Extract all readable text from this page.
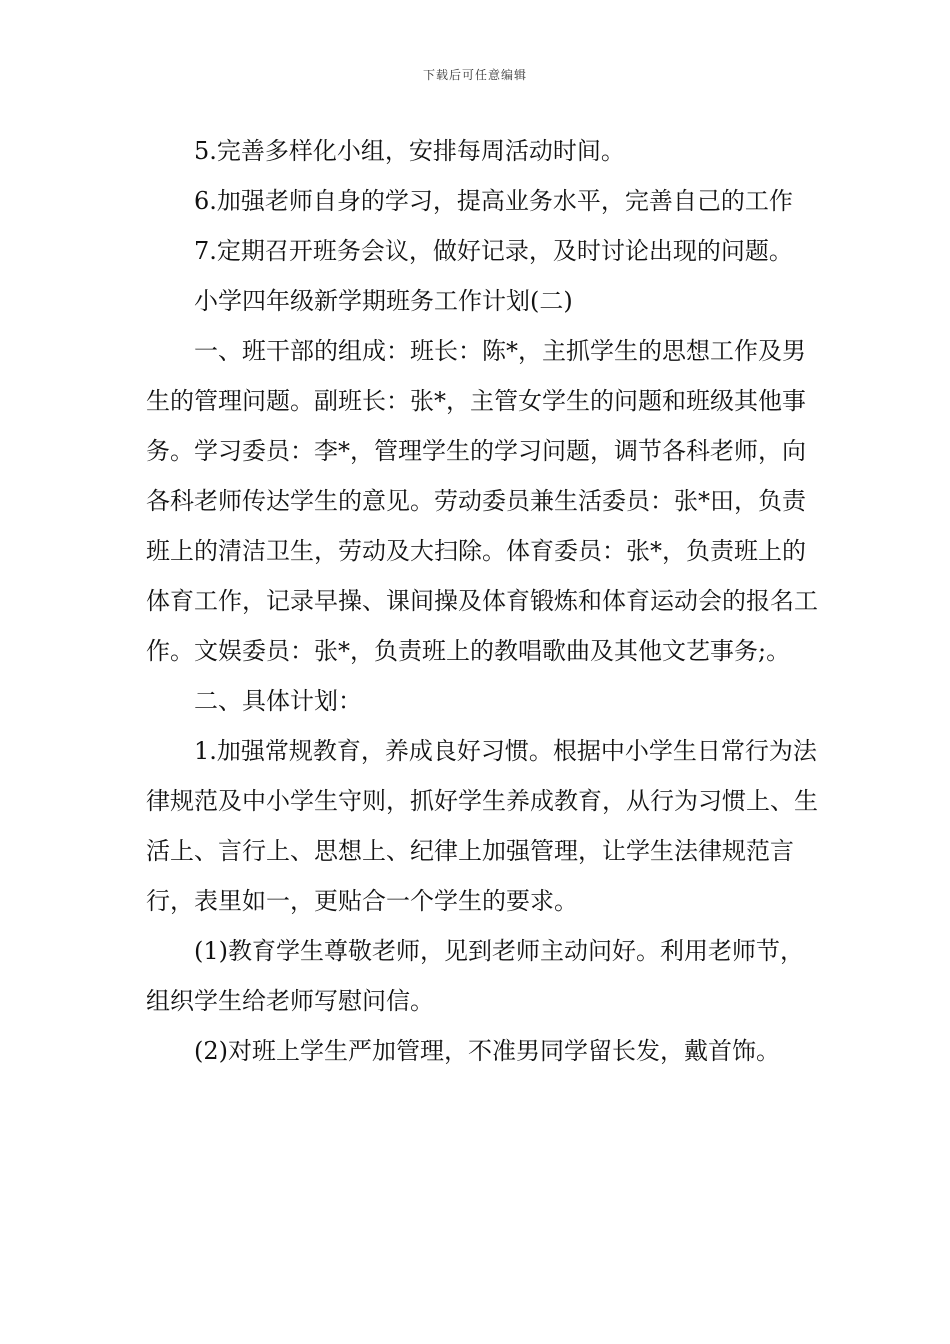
下载后可任意编辑

5.完善多样化小组，安排每周活动时间。

6.加强老师自身的学习，提高业务水平，完善自己的工作

7.定期召开班务会议，做好记录，及时讨论出现的问题。

小学四年级新学期班务工作计划(二)

一、班干部的组成：班长：陈*，主抓学生的思想工作及男生的管理问题。副班长：张*，主管女学生的问题和班级其他事务。学习委员：李*，管理学生的学习问题，调节各科老师，向各科老师传达学生的意见。劳动委员兼生活委员：张*田，负责班上的清洁卫生，劳动及大扫除。体育委员：张*，负责班上的体育工作，记录早操、课间操及体育锻炼和体育运动会的报名工作。文娱委员：张*，负责班上的教唱歌曲及其他文艺事务;。

二、具体计划：

1.加强常规教育，养成良好习惯。根据中小学生日常行为法律规范及中小学生守则，抓好学生养成教育，从行为习惯上、生活上、言行上、思想上、纪律上加强管理，让学生法律规范言行，表里如一，更贴合一个学生的要求。

(1)教育学生尊敬老师，见到老师主动问好。利用老师节，组织学生给老师写慰问信。

(2)对班上学生严加管理，不准男同学留长发，戴首饰。
